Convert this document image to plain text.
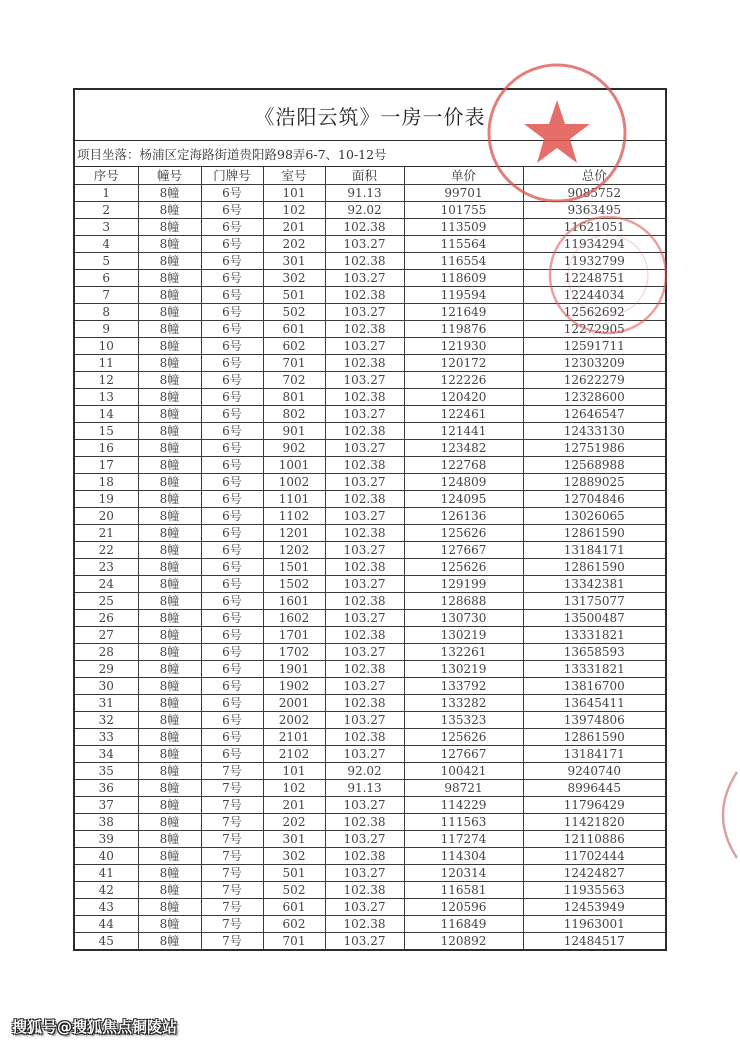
《浩阳云筑》一房一价表
项目坐落： 杨浦区定海路街道贵阳路98弄6-7、10-12号
序号	幢号	门牌号	室号	面积	单价	总价
1	8幢	6号	101	91.13	99701	9085752
2	8幢	6号	102	92.02	101755	9363495
3	8幢	6号	201	102.38	113509	11621051
4	8幢	6号	202	103.27	115564	11934294
5	8幢	6号	301	102.38	116554	11932799
6	8幢	6号	302	103.27	118609	12248751
7	8幢	6号	501	102.38	119594	12244034
8	8幢	6号	502	103.27	121649	12562692
9	8幢	6号	601	102.38	119876	12272905
10	8幢	6号	602	103.27	121930	12591711
11	8幢	6号	701	102.38	120172	12303209
12	8幢	6号	702	103.27	122226	12622279
13	8幢	6号	801	102.38	120420	12328600
14	8幢	6号	802	103.27	122461	12646547
15	8幢	6号	901	102.38	121441	12433130
16	8幢	6号	902	103.27	123482	12751986
17	8幢	6号	1001	102.38	122768	12568988
18	8幢	6号	1002	103.27	124809	12889025
19	8幢	6号	1101	102.38	124095	12704846
20	8幢	6号	1102	103.27	126136	13026065
21	8幢	6号	1201	102.38	125626	12861590
22	8幢	6号	1202	103.27	127667	13184171
23	8幢	6号	1501	102.38	125626	12861590
24	8幢	6号	1502	103.27	129199	13342381
25	8幢	6号	1601	102.38	128688	13175077
26	8幢	6号	1602	103.27	130730	13500487
27	8幢	6号	1701	102.38	130219	13331821
28	8幢	6号	1702	103.27	132261	13658593
29	8幢	6号	1901	102.38	130219	13331821
30	8幢	6号	1902	103.27	133792	13816700
31	8幢	6号	2001	102.38	133282	13645411
32	8幢	6号	2002	103.27	135323	13974806
33	8幢	6号	2101	102.38	125626	12861590
34	8幢	6号	2102	103.27	127667	13184171
35	8幢	7号	101	92.02	100421	9240740
36	8幢	7号	102	91.13	98721	8996445
37	8幢	7号	201	103.27	114229	11796429
38	8幢	7号	202	102.38	111563	11421820
39	8幢	7号	301	103.27	117274	12110886
40	8幢	7号	302	102.38	114304	11702444
41	8幢	7号	501	103.27	120314	12424827
42	8幢	7号	502	102.38	116581	11935563
43	8幢	7号	601	103.27	120596	12453949
44	8幢	7号	602	102.38	116849	11963001
45	8幢	7号	701	103.27	120892	12484517
搜狐号@搜狐焦点铜陵站
